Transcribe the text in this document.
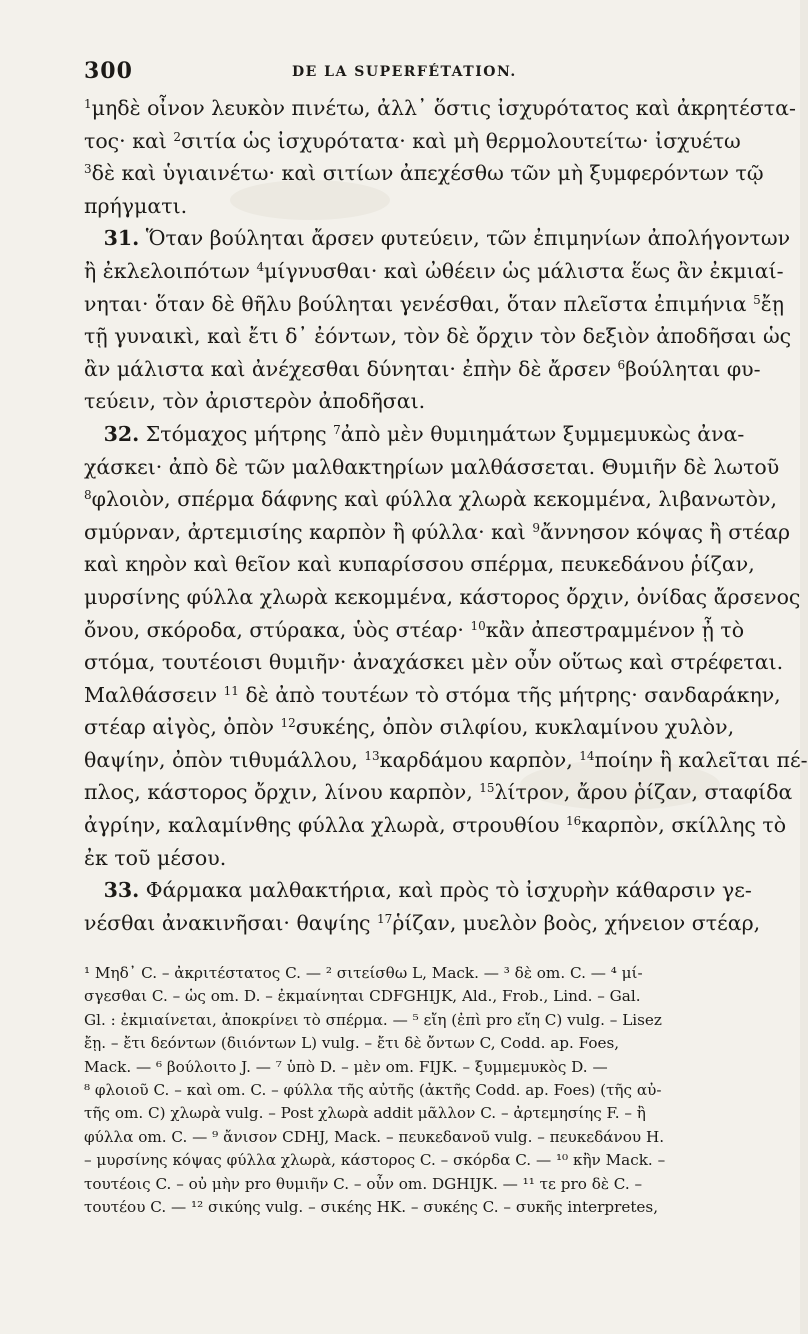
300	DE LA SUPERFÉTATION.

$^1$μηδὲ οἶνον λευκὸν πινέτω, ἀλλ᾽ ὅστις ἰσχυρότατος καὶ ἀκρητέστα-
τος· καὶ $^2$σιτία ὡς ἰσχυρότατα· καὶ μὴ θερμολουτείτω· ἰσχυέτω
$^3$δὲ καὶ ὑγιαινέτω· καὶ σιτίων ἀπεχέσθω τῶν μὴ ξυμφερόντων τῷ
πρήγματι.

31. Ὅταν βούληται ἄρσεν φυτεύειν, τῶν ἐπιμηνίων ἀπολήγοντων
ἢ ἐκλελοιπότων $^4$μίγνυσθαι· καὶ ὠθέειν ὡς μάλιστα ἕως ἂν ἐκμιαί-
νηται· ὅταν δὲ θῆλυ βούληται γενέσθαι, ὅταν πλεῖστα ἐπιμήνια $^5$ἔῃ
τῇ γυναικὶ, καὶ ἔτι δ᾽ ἐόντων, τὸν δὲ ὄρχιν τὸν δεξιὸν ἀποδῆσαι ὡς
ἂν μάλιστα καὶ ἀνέχεσθαι δύνηται· ἐπὴν δὲ ἄρσεν $^6$βούληται φυ-
τεύειν, τὸν ἀριστερὸν ἀποδῆσαι.

32. Στόμαχος μήτρης $^7$ἀπὸ μὲν θυμιημάτων ξυμμεμυκὼς ἀνα-
χάσκει· ἀπὸ δὲ τῶν μαλθακτηρίων μαλθάσσεται. Θυμιῆν δὲ λωτοῦ
$^8$φλοιὸν, σπέρμα δάφνης καὶ φύλλα χλωρὰ κεκομμένα, λιβανωτὸν,
σμύρναν, ἀρτεμισίης καρπὸν ἢ φύλλα· καὶ $^9$ἄννησον κόψας ἢ στέαρ
καὶ κηρὸν καὶ θεῖον καὶ κυπαρίσσου σπέρμα, πευκεδάνου ῥίζαν,
μυρσίνης φύλλα χλωρὰ κεκομμένα, κάστορος ὄρχιν, ὀνίδας ἄρσενος
ὄνου, σκόροδα, στύρακα, ὑὸς στέαρ· $^{10}$κἂν ἀπεστραμμένον ᾖ τὸ
στόμα, τουτέοισι θυμιῆν· ἀναχάσκει μὲν οὖν οὕτως καὶ στρέφεται.
Μαλθάσσειν $^{11}$ δὲ ἀπὸ τουτέων τὸ στόμα τῆς μήτρης· σανδαράκην,
στέαρ αἰγὸς, ὀπὸν $^{12}$συκέης, ὀπὸν σιλφίου, κυκλαμίνου χυλὸν,
θαψίην, ὀπὸν τιθυμάλλου, $^{13}$καρδάμου καρπὸν, $^{14}$ποίην ἣ καλεῖται πέ-
πλος, κάστορος ὄρχιν, λίνου καρπὸν, $^{15}$λίτρον, ἄρου ῥίζαν, σταφίδα
ἀγρίην, καλαμίνθης φύλλα χλωρὰ, στρουθίου $^{16}$καρπὸν, σκίλλης τὸ
ἐκ τοῦ μέσου.

33. Φάρμακα μαλθακτήρια, καὶ πρὸς τὸ ἰσχυρὴν κάθαρσιν γε-
νέσθαι ἀνακινῆσαι· θαψίης $^{17}$ῥίζαν, μυελὸν βοὸς, χήνειον στέαρ,

¹ Μηδ᾽ C. – ἀκριτέστατος C. — ² σιτείσθω L, Mack. — ³ δὲ om. C. — ⁴ μί-
σγεσθαι C. – ὡς om. D. – ἐκμαίνηται CDFGHIJK, Ald., Frob., Lind. – Gal.
Gl. : ἐκμιαίνεται, ἀποκρίνει τὸ σπέρμα. — ⁵ εἴη (ἐπὶ pro εἴη C) vulg. – Lisez
ἔῃ. – ἔτι δεόντων (διιόντων L) vulg. – ἔτι δὲ ὄντων C, Codd. ap. Foes,
Mack. — ⁶ βούλοιτο J. — ⁷ ὑπὸ D. – μὲν om. FIJK. – ξυμμεμυκὸς D. —
⁸ φλοιοῦ C. – καὶ om. C. – φύλλα τῆς αὐτῆς (ἀκτῆς Codd. ap. Foes) (τῆς αὐ-
τῆς om. C) χλωρὰ vulg. – Post χλωρὰ addit μᾶλλον C. – ἀρτεμησίης F. – ἢ
φύλλα om. C. — ⁹ ἄνισον CDHJ, Mack. – πευκεδανοῦ vulg. – πευκεδάνου H.
– μυρσίνης κόψας φύλλα χλωρὰ, κάστορος C. – σκόρδα C. — ¹⁰ κἢν Mack. –
τουτέοις C. – οὐ μὴν pro θυμιῆν C. – οὖν om. DGHIJK. — ¹¹ τε pro δὲ C. –
τουτέου C. — ¹² σικύης vulg. – σικέης HK. – συκέης C. – συκῆς interpretes,
